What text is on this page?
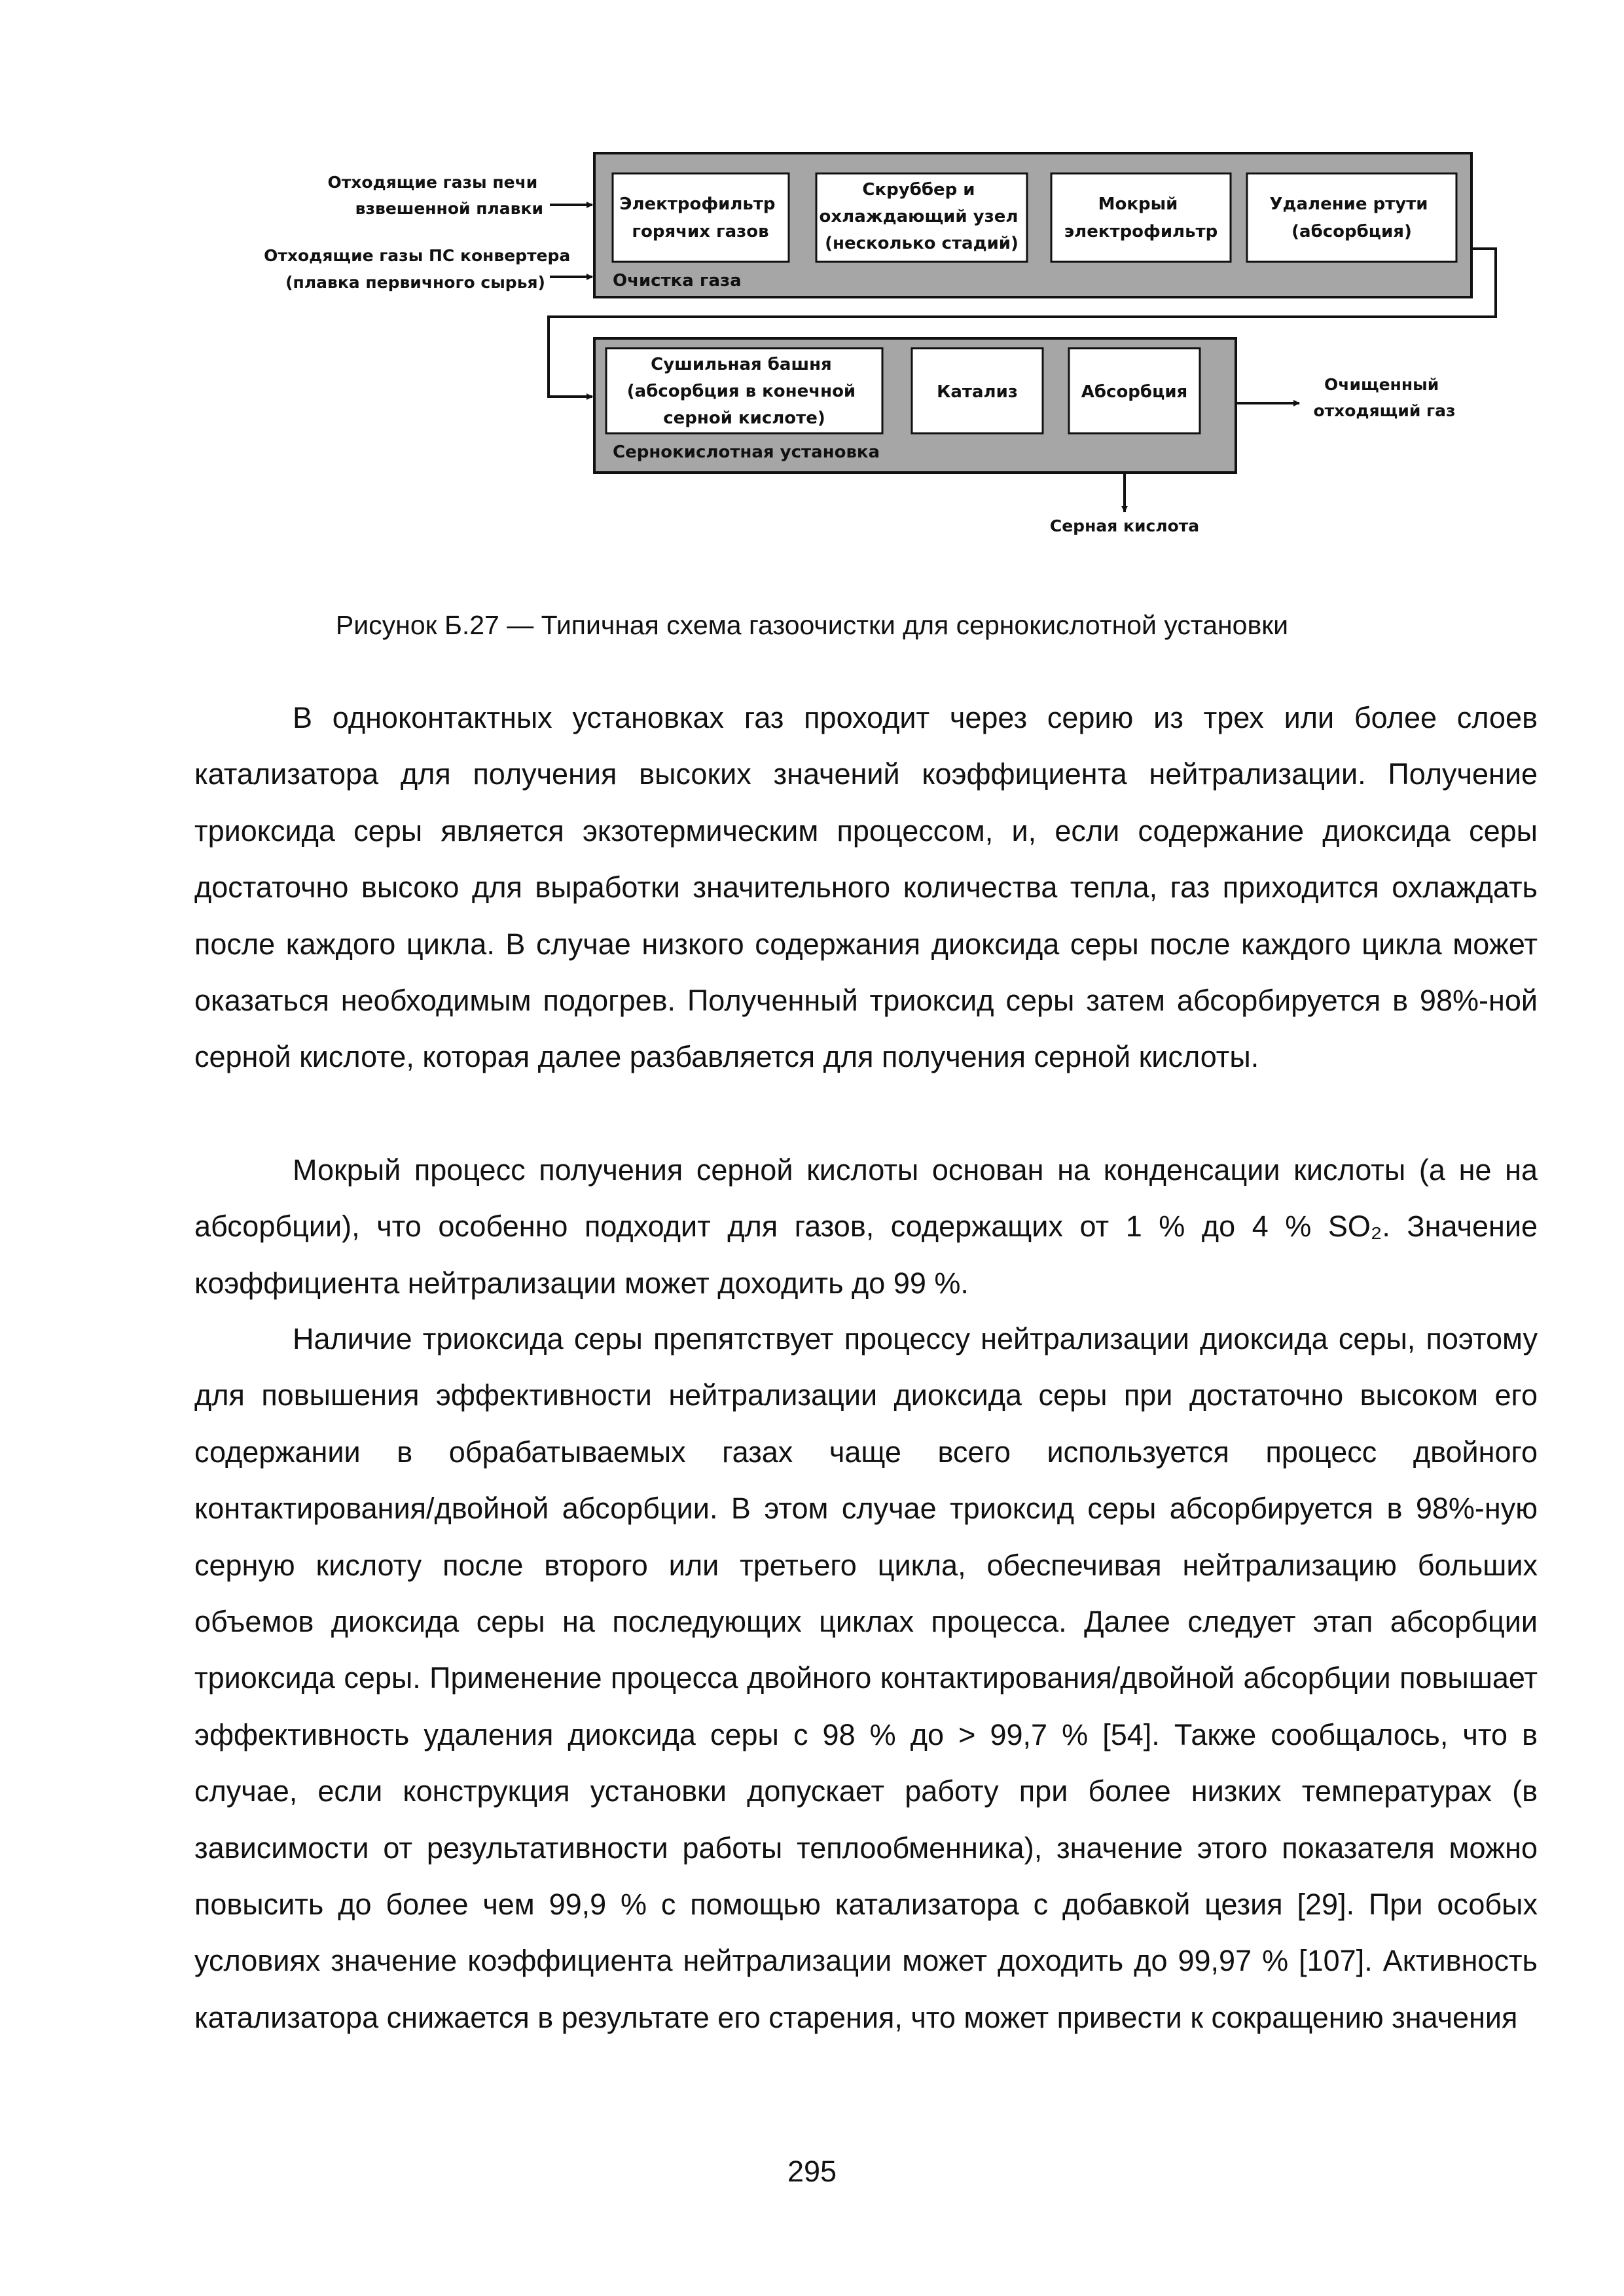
Отходящие газы печи взвешенной плавки
Отходящие газы ПС конвертера (плавка первичного сырья)	Очистка газа
Электрофильтр горячих газов
Скруббер и охлаждающий узел (несколько стадий)
Мокрый электрофильтр
Удаление ртути (абсорбция)
Сернокислотная установка
Сушильная башня (абсорбция в конечной серной кислоте)
Катализ	Абсорбция	Очищенный отходящий газ
Серная кислота
Рисунок Б.27 — Типичная схема газоочистки для сернокислотной установки

В одноконтактных установках газ проходит через серию из трех или более слоев катализатора для получения высоких значений коэффициента нейтрализации. Получение триоксида серы является экзотермическим процессом, и, если содержание диоксида серы достаточно высоко для выработки значительного количества тепла, газ приходится охлаждать после каждого цикла. В случае низкого содержания диоксида серы после каждого цикла может оказаться необходимым подогрев. Полученный триоксид серы затем абсорбируется в 98%-ной серной кислоте, которая далее разбавляется для получения серной кислоты.

Мокрый процесс получения серной кислоты основан на конденсации кислоты (а не на абсорбции), что особенно подходит для газов, содержащих от 1 % до 4 % SO₂. Значение коэффициента нейтрализации может доходить до 99 %.

Наличие триоксида серы препятствует процессу нейтрализации диоксида серы, поэтому для повышения эффективности нейтрализации диоксида серы при достаточно высоком его содержании в обрабатываемых газах чаще всего используется процесс двойного контактирования/двойной абсорбции. В этом случае триоксид серы абсорбируется в 98%-ную серную кислоту после второго или третьего цикла, обеспечивая нейтрализацию больших объемов диоксида серы на последующих циклах процесса. Далее следует этап абсорбции триоксида серы. Применение процесса двойного контактирования/двойной абсорбции повышает эффективность удаления диоксида серы с 98 % до > 99,7 % [54]. Также сообщалось, что в случае, если конструкция установки допускает работу при более низких температурах (в зависимости от результативности работы теплообменника), значение этого показателя можно повысить до более чем 99,9 % с помощью катализатора с добавкой цезия [29]. При особых условиях значение коэффициента нейтрализации может доходить до 99,97 % [107]. Активность катализатора снижается в результате его старения, что может привести к сокращению значения

295
